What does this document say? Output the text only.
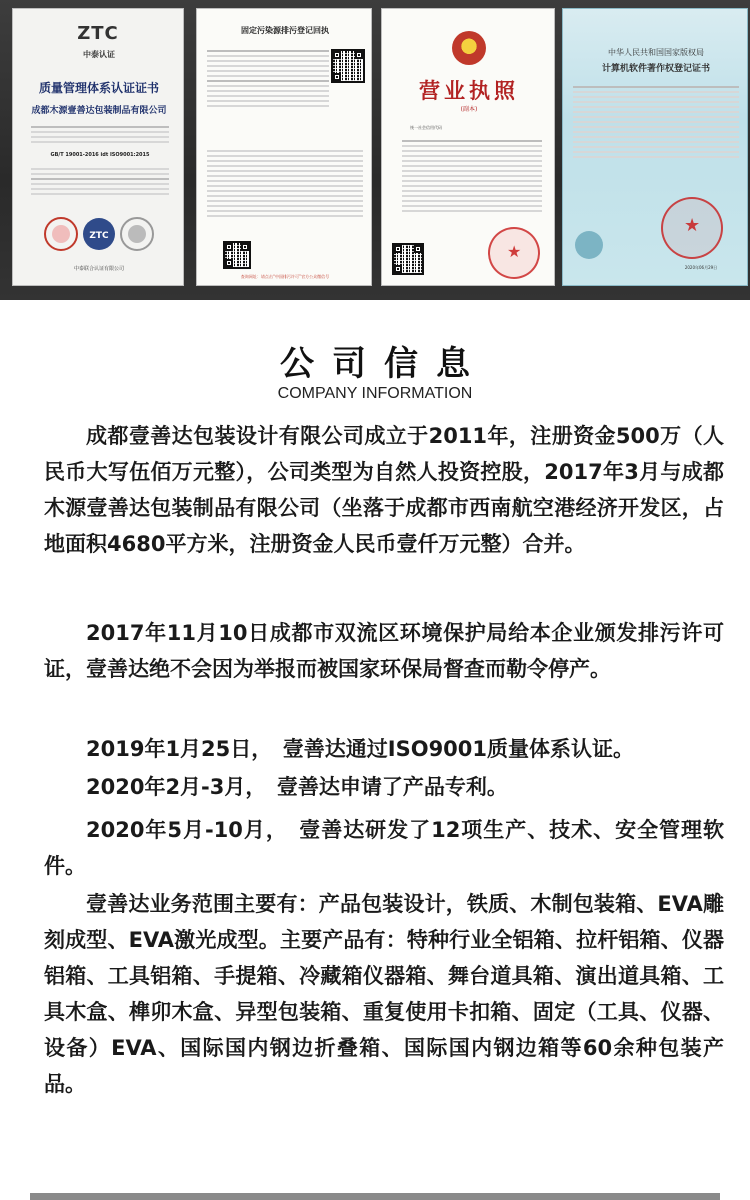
ZTC
中泰认证
质量管理体系认证证书
成都木源壹善达包装制品有限公司
GB/T 19001-2016 idt ISO9001:2015
ZTC
中泰联合认证有限公司
固定污染源排污登记回执
查询网址：请点击“中国排污许可”官方公众微信号
营业执照
(副本)
统一社会信用代码
★
中华人民共和国国家版权局
计算机软件著作权登记证书
★
2020年06月29日
公司信息
COMPANY INFORMATION

成都壹善达包装设计有限公司成立于2011年，注册资金500万（人民币大写伍佰万元整），公司类型为自然人投资控股，2017年3月与成都木源壹善达包装制品有限公司（坐落于成都市西南航空港经济开发区，占地面积4680平方米，注册资金人民币壹仟万元整）合并。

2017年11月10日成都市双流区环境保护局给本企业颁发排污许可证，壹善达绝不会因为举报而被国家环保局督查而勒令停产。

2019年1月25日，　壹善达通过ISO9001质量体系认证。

2020年2月-3月，　壹善达申请了产品专利。

2020年5月-10月，　壹善达研发了12项生产、技术、安全管理软件。

壹善达业务范围主要有：产品包装设计，铁质、木制包装箱、EVA雕刻成型、EVA激光成型。主要产品有：特种行业全铝箱、拉杆铝箱、仪器铝箱、工具铝箱、手提箱、冷藏箱仪器箱、舞台道具箱、演出道具箱、工具木盒、榫卯木盒、异型包装箱、重复使用卡扣箱、固定（工具、仪器、设备）EVA、国际国内钢边折叠箱、国际国内钢边箱等60余种包装产品。
